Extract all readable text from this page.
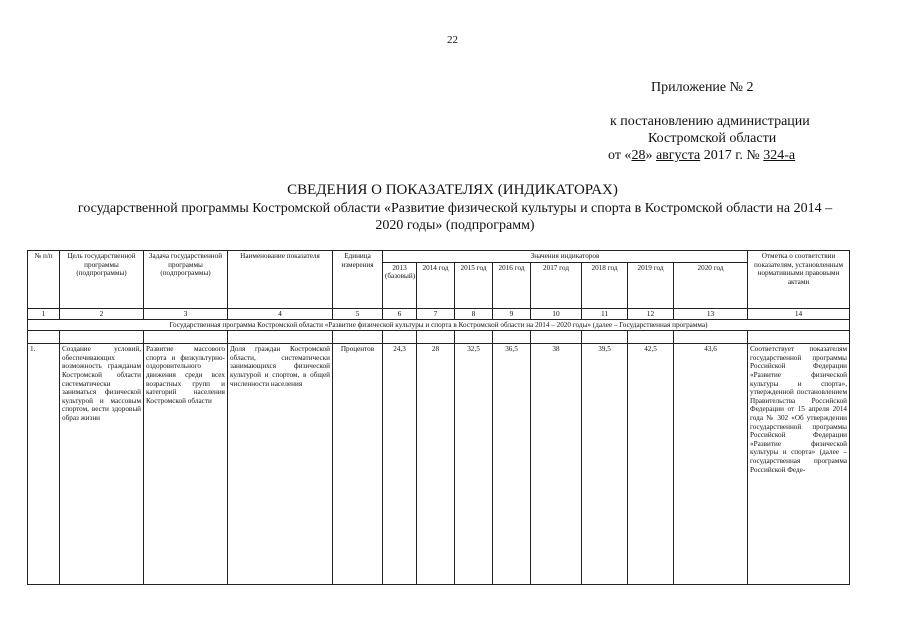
22
Приложение № 2
к постановлению администрации
Костромской области
от «28» августа 2017 г. № 324-а
СВЕДЕНИЯ О ПОКАЗАТЕЛЯХ (ИНДИКАТОРАХ)
государственной программы Костромской области «Развитие физической культуры и спорта в Костромской области на 2014 – 2020 годы» (подпрограмм)
№ п/п	Цель государственной программы (подпрограммы)	Задача государственной программы (подпрограммы)	Наименование показателя	Единица измерения	Значения индикаторов								Отметка о соответствии показателям, установленным нормативными правовыми актами
					2013 (базовый)	2014 год	2015 год	2016 год	2017 год	2018 год	2019 год	2020 год	
1	2	3	4	5	6	7	8	9	10	11	12	13	14
Государственная программа Костромской области «Развитие физической культуры и спорта в Костромской области на 2014 – 2020 годы» (далее – Государственная программа)													

1.	Создание условий, обеспечивающих возможность гражданам Костромской области систематически заниматься физической культурой и массовым спортом, вести здоровый образ жизни	Развитие массового спорта и физкультурно-оздоровительного движения среди всех возрастных групп и категорий населения Костромской области	Доля граждан Костромской области, систематически занимающихся физической культурой и спортом, в общей численности населения	Процентов	24,3	28	32,5	36,5	38	39,5	42,5	43,6	Соответствует показателям государственной программы Российской Федерации «Развитие физической культуры и спорта», утвержденной постановлением Правительства Российской Федерации от 15 апреля 2014 года № 302 «Об утверждении государственной программы Российской Федерации «Развитие физической культуры и спорта» (далее – государственная программа Российской Феде-
